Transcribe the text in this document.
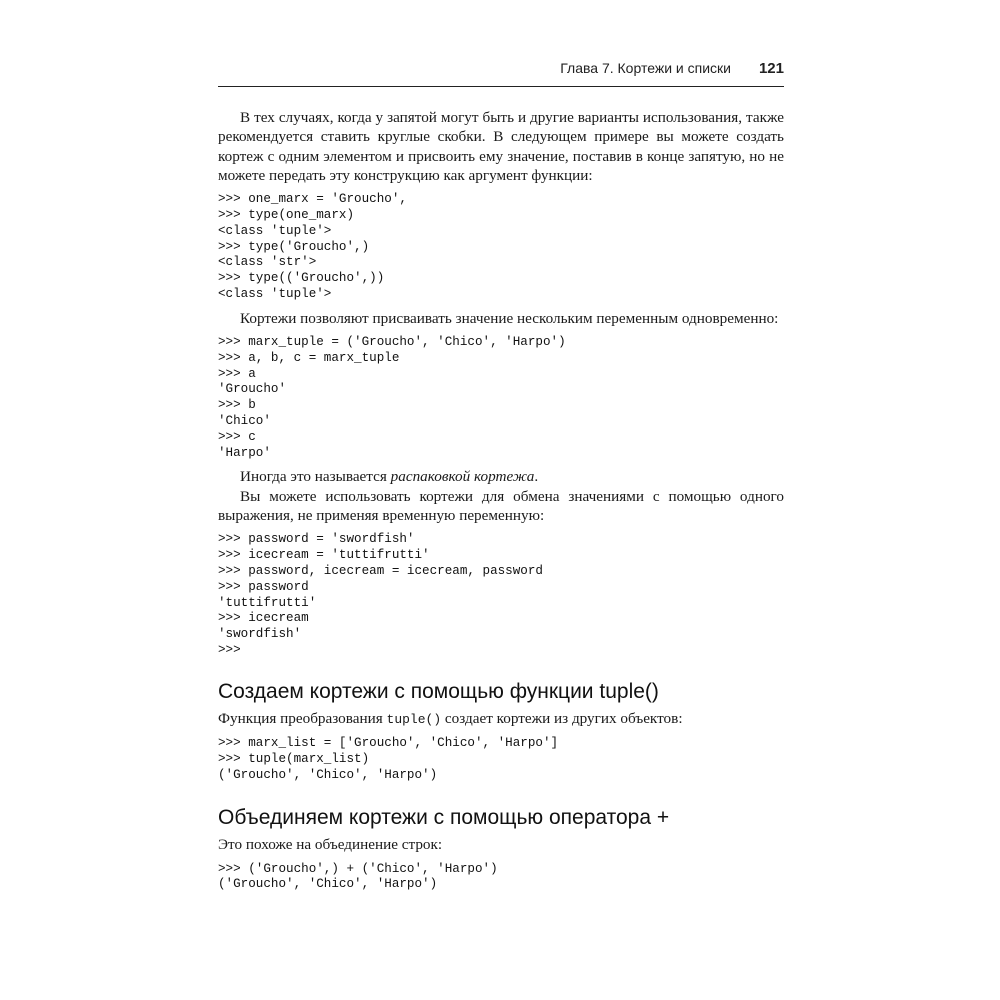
Глава 7. Кортежи и списки 121

В тех случаях, когда у запятой могут быть и другие варианты использования, также рекомендуется ставить круглые скобки. В следующем примере вы можете создать кортеж с одним элементом и присвоить ему значение, поставив в конце запятую, но не можете передать эту конструкцию как аргумент функции:

>>> one_marx = 'Groucho',
>>> type(one_marx)
<class 'tuple'>
>>> type('Groucho',)
<class 'str'>
>>> type(('Groucho',))
<class 'tuple'>

Кортежи позволяют присваивать значение нескольким переменным одновременно:

>>> marx_tuple = ('Groucho', 'Chico', 'Harpo')
>>> a, b, c = marx_tuple
>>> a
'Groucho'
>>> b
'Chico'
>>> c
'Harpo'

Иногда это называется распаковкой кортежа.

Вы можете использовать кортежи для обмена значениями с помощью одного выражения, не применяя временную переменную:

>>> password = 'swordfish'
>>> icecream = 'tuttifrutti'
>>> password, icecream = icecream, password
>>> password
'tuttifrutti'
>>> icecream
'swordfish'
>>>
Создаем кортежи с помощью функции tuple()

Функция преобразования tuple() создает кортежи из других объектов:

>>> marx_list = ['Groucho', 'Chico', 'Harpo']
>>> tuple(marx_list)
('Groucho', 'Chico', 'Harpo')
Объединяем кортежи с помощью оператора +

Это похоже на объединение строк:

>>> ('Groucho',) + ('Chico', 'Harpo')
('Groucho', 'Chico', 'Harpo')
